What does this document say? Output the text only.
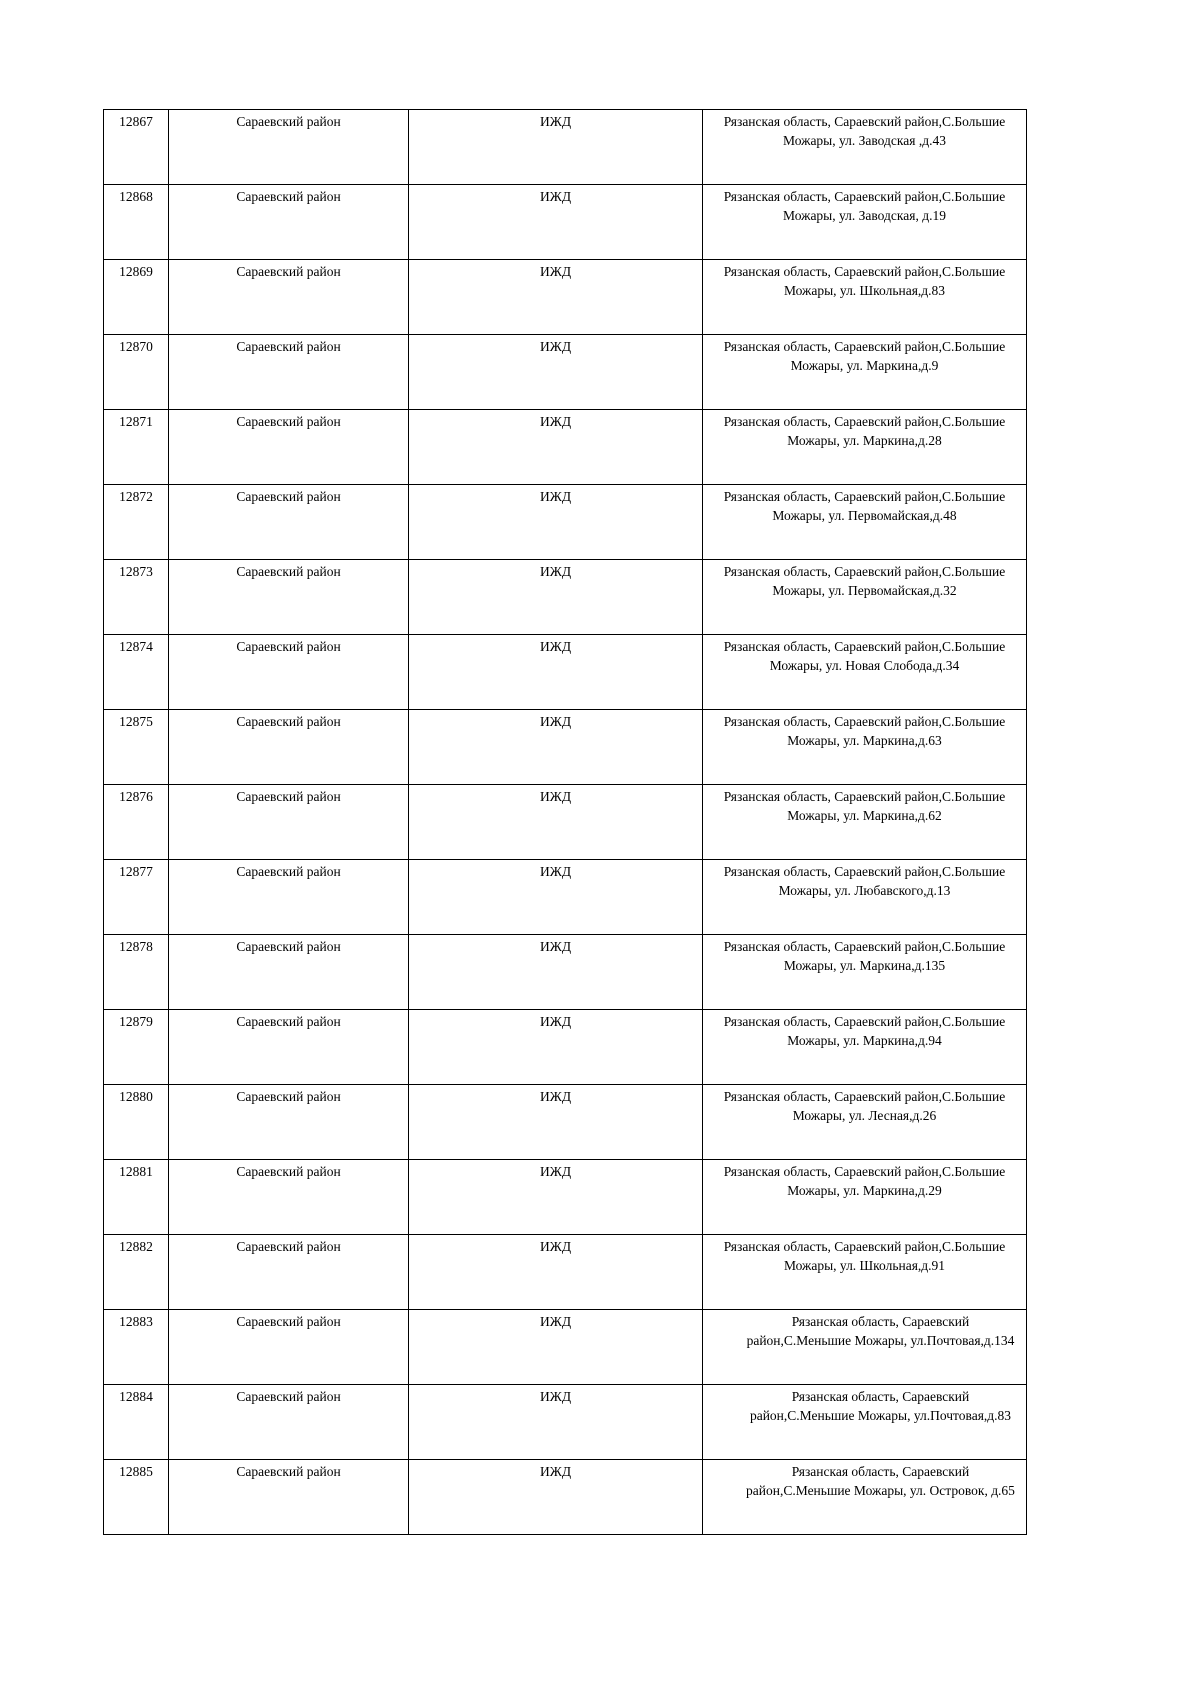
12867	Сараевский район	ИЖД	Рязанская область, Сараевский район,С.Большие Можары, ул. Заводская ,д.43
12868	Сараевский район	ИЖД	Рязанская область, Сараевский район,С.Большие Можары, ул. Заводская, д.19
12869	Сараевский район	ИЖД	Рязанская область, Сараевский район,С.Большие Можары, ул. Школьная,д.83
12870	Сараевский район	ИЖД	Рязанская область, Сараевский район,С.Большие Можары, ул. Маркина,д.9
12871	Сараевский район	ИЖД	Рязанская область, Сараевский район,С.Большие Можары, ул. Маркина,д.28
12872	Сараевский район	ИЖД	Рязанская область, Сараевский район,С.Большие Можары, ул. Первомайская,д.48
12873	Сараевский район	ИЖД	Рязанская область, Сараевский район,С.Большие Можары, ул. Первомайская,д.32
12874	Сараевский район	ИЖД	Рязанская область, Сараевский район,С.Большие Можары, ул. Новая Слобода,д.34
12875	Сараевский район	ИЖД	Рязанская область, Сараевский район,С.Большие Можары, ул. Маркина,д.63
12876	Сараевский район	ИЖД	Рязанская область, Сараевский район,С.Большие Можары, ул. Маркина,д.62
12877	Сараевский район	ИЖД	Рязанская область, Сараевский район,С.Большие Можары, ул. Любавского,д.13
12878	Сараевский район	ИЖД	Рязанская область, Сараевский район,С.Большие Можары, ул. Маркина,д.135
12879	Сараевский район	ИЖД	Рязанская область, Сараевский район,С.Большие Можары, ул. Маркина,д.94
12880	Сараевский район	ИЖД	Рязанская область, Сараевский район,С.Большие Можары, ул. Лесная,д.26
12881	Сараевский район	ИЖД	Рязанская область, Сараевский район,С.Большие Можары, ул. Маркина,д.29
12882	Сараевский район	ИЖД	Рязанская область, Сараевский район,С.Большие Можары, ул. Школьная,д.91
12883	Сараевский район	ИЖД	Рязанская область, Сараевский район,С.Меньшие Можары, ул.Почтовая,д.134
12884	Сараевский район	ИЖД	Рязанская область, Сараевский район,С.Меньшие Можары, ул.Почтовая,д.83
12885	Сараевский район	ИЖД	Рязанская область, Сараевский район,С.Меньшие Можары, ул. Островок, д.65
